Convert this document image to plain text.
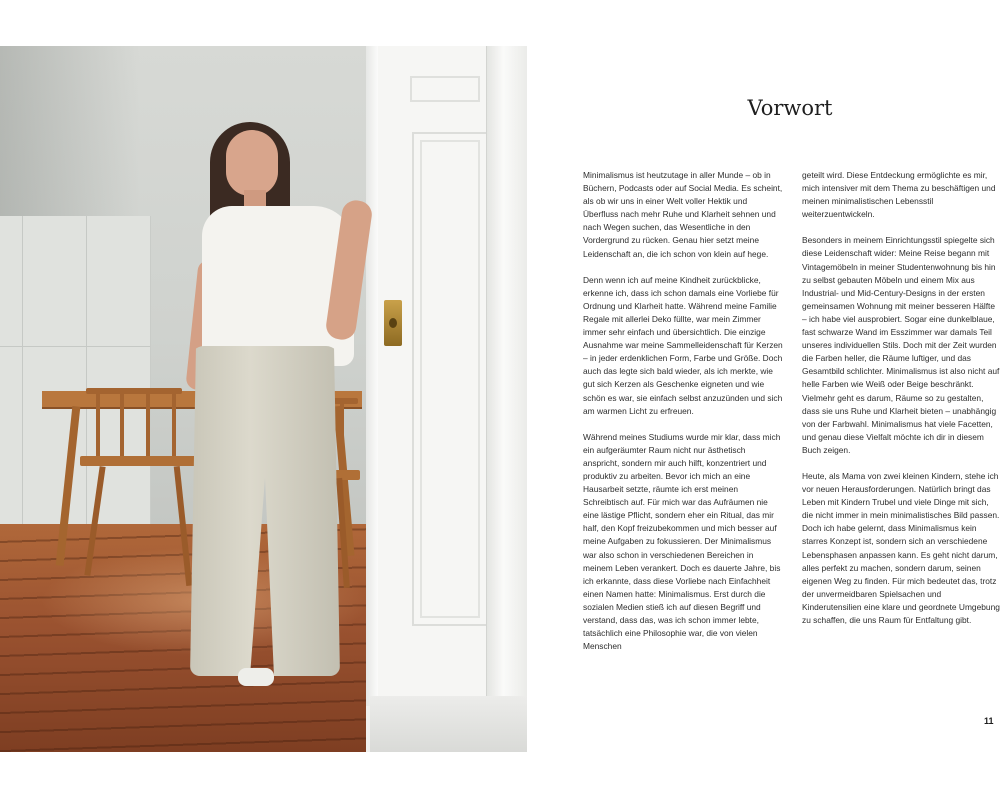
Vorwort

Minimalismus ist heutzutage in aller Munde – ob in Büchern, Podcasts oder auf Social Media. Es scheint, als ob wir uns in einer Welt voller Hektik und Überfluss nach mehr Ruhe und Klarheit sehnen und nach Wegen suchen, das Wesentliche in den Vordergrund zu rücken. Genau hier setzt meine Leidenschaft an, die ich schon von klein auf hege.

Denn wenn ich auf meine Kindheit zurückblicke, erkenne ich, dass ich schon damals eine Vorliebe für Ordnung und Klarheit hatte. Während meine Familie Regale mit allerlei Deko füllte, war mein Zimmer immer sehr einfach und übersichtlich. Die einzige Ausnahme war meine Sammelleidenschaft für Kerzen – in jeder erdenklichen Form, Farbe und Größe. Doch auch das legte sich bald wieder, als ich merkte, wie gut sich Kerzen als Geschenke eigneten und wie schön es war, sie einfach selbst anzuzünden und sich am warmen Licht zu erfreuen.

Während meines Studiums wurde mir klar, dass mich ein aufgeräumter Raum nicht nur ästhetisch anspricht, sondern mir auch hilft, konzentriert und produktiv zu arbeiten. Bevor ich mich an eine Hausarbeit setzte, räumte ich erst meinen Schreibtisch auf. Für mich war das Aufräumen nie eine lästige Pflicht, sondern eher ein Ritual, das mir half, den Kopf freizubekommen und mich besser auf meine Aufgaben zu fokussieren. Der Minimalismus war also schon in verschiedenen Bereichen in meinem Leben verankert. Doch es dauerte Jahre, bis ich erkannte, dass diese Vorliebe nach Einfachheit einen Namen hatte: Minimalismus. Erst durch die sozialen Medien stieß ich auf diesen Begriff und verstand, dass das, was ich schon immer lebte, tatsächlich eine Philosophie war, die von vielen Menschen

geteilt wird. Diese Entdeckung ermöglichte es mir, mich intensiver mit dem Thema zu beschäftigen und meinen minimalistischen Lebensstil weiterzuentwickeln.

Besonders in meinem Einrichtungsstil spiegelte sich diese Leidenschaft wider: Meine Reise begann mit Vintagemöbeln in meiner Studentenwohnung bis hin zu selbst gebauten Möbeln und einem Mix aus Industrial- und Mid-Century-Designs in der ersten gemeinsamen Wohnung mit meiner besseren Hälfte – ich habe viel ausprobiert. Sogar eine dunkelblaue, fast schwarze Wand im Esszimmer war damals Teil unseres individuellen Stils. Doch mit der Zeit wurden die Farben heller, die Räume luftiger, und das Gesamtbild schlichter. Minimalismus ist also nicht auf helle Farben wie Weiß oder Beige beschränkt. Vielmehr geht es darum, Räume so zu gestalten, dass sie uns Ruhe und Klarheit bieten – unabhängig von der Farbwahl. Minimalismus hat viele Facetten, und genau diese Vielfalt möchte ich dir in diesem Buch zeigen.

Heute, als Mama von zwei kleinen Kindern, stehe ich vor neuen Herausforderungen. Natürlich bringt das Leben mit Kindern Trubel und viele Dinge mit sich, die nicht immer in mein minimalistisches Bild passen. Doch ich habe gelernt, dass Minimalismus kein starres Konzept ist, sondern sich an verschiedene Lebensphasen anpassen kann. Es geht nicht darum, alles perfekt zu machen, sondern darum, seinen eigenen Weg zu finden. Für mich bedeutet das, trotz der unvermeidbaren Spielsachen und Kinderutensilien eine klare und geordnete Umgebung zu schaffen, die uns Raum für Entfaltung gibt.

11
